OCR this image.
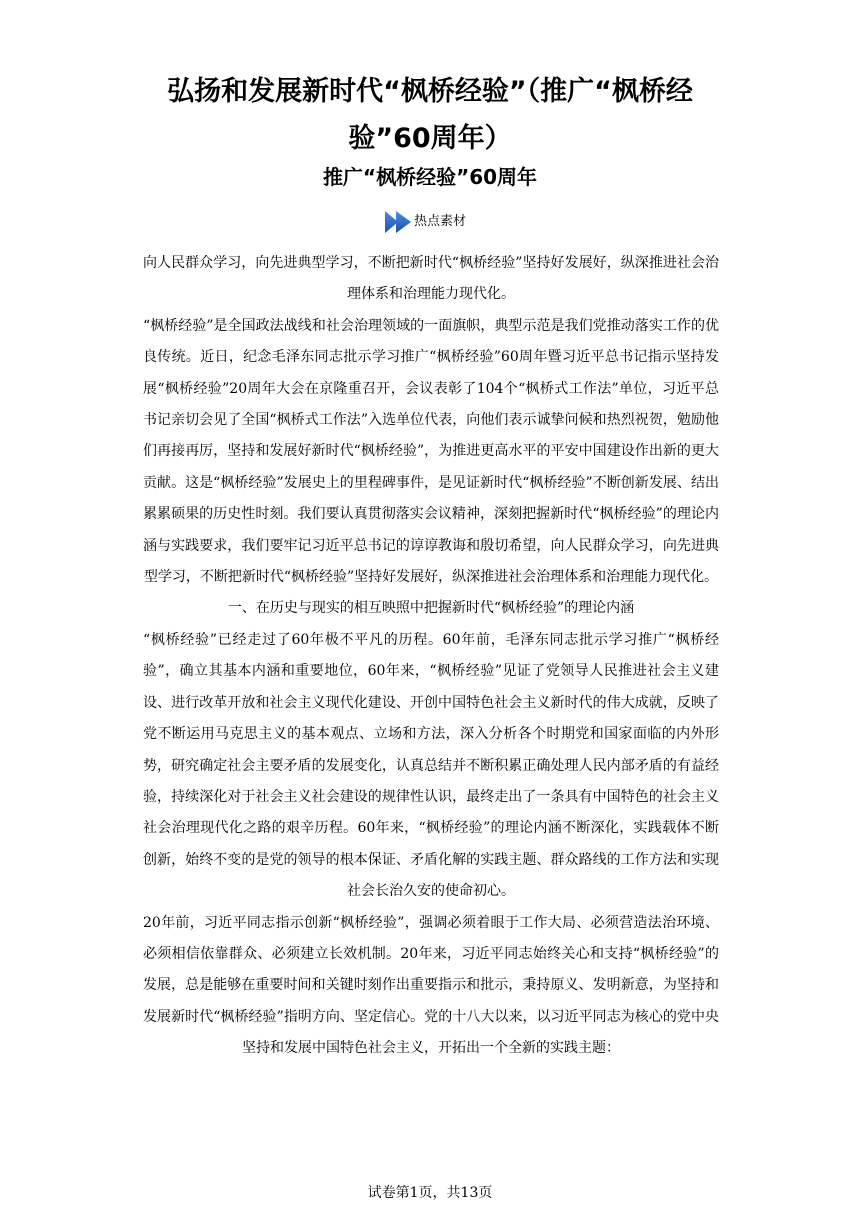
弘扬和发展新时代“枫桥经验”（推广“枫桥经验”60周年）
推广“枫桥经验”60周年
热点素材

向人民群众学习，向先进典型学习，不断把新时代“枫桥经验”坚持好发展好，纵深推进社会治理体系和治理能力现代化。

“枫桥经验”是全国政法战线和社会治理领域的一面旗帜，典型示范是我们党推动落实工作的优良传统。近日，纪念毛泽东同志批示学习推广“枫桥经验”60周年暨习近平总书记指示坚持发展“枫桥经验”20周年大会在京隆重召开，会议表彰了104个“枫桥式工作法”单位，习近平总书记亲切会见了全国“枫桥式工作法”入选单位代表，向他们表示诚挚问候和热烈祝贺，勉励他们再接再厉，坚持和发展好新时代“枫桥经验”，为推进更高水平的平安中国建设作出新的更大贡献。这是“枫桥经验”发展史上的里程碑事件，是见证新时代“枫桥经验”不断创新发展、结出累累硕果的历史性时刻。我们要认真贯彻落实会议精神，深刻把握新时代“枫桥经验”的理论内涵与实践要求，我们要牢记习近平总书记的谆谆教诲和殷切希望，向人民群众学习，向先进典型学习，不断把新时代“枫桥经验”坚持好发展好，纵深推进社会治理体系和治理能力现代化。

一、在历史与现实的相互映照中把握新时代“枫桥经验”的理论内涵

“枫桥经验”已经走过了60年极不平凡的历程。60年前，毛泽东同志批示学习推广“枫桥经验”，确立其基本内涵和重要地位，60年来，“枫桥经验”见证了党领导人民推进社会主义建设、进行改革开放和社会主义现代化建设、开创中国特色社会主义新时代的伟大成就，反映了党不断运用马克思主义的基本观点、立场和方法，深入分析各个时期党和国家面临的内外形势，研究确定社会主要矛盾的发展变化，认真总结并不断积累正确处理人民内部矛盾的有益经验，持续深化对于社会主义社会建设的规律性认识，最终走出了一条具有中国特色的社会主义社会治理现代化之路的艰辛历程。60年来，“枫桥经验”的理论内涵不断深化，实践载体不断创新，始终不变的是党的领导的根本保证、矛盾化解的实践主题、群众路线的工作方法和实现社会长治久安的使命初心。

20年前，习近平同志指示创新“枫桥经验”，强调必须着眼于工作大局、必须营造法治环境、必须相信依靠群众、必须建立长效机制。20年来，习近平同志始终关心和支持“枫桥经验”的发展，总是能够在重要时间和关键时刻作出重要指示和批示，秉持原义、发明新意，为坚持和发展新时代“枫桥经验”指明方向、坚定信心。党的十八大以来，以习近平同志为核心的党中央坚持和发展中国特色社会主义，开拓出一个全新的实践主题：

试卷第1页，共13页
